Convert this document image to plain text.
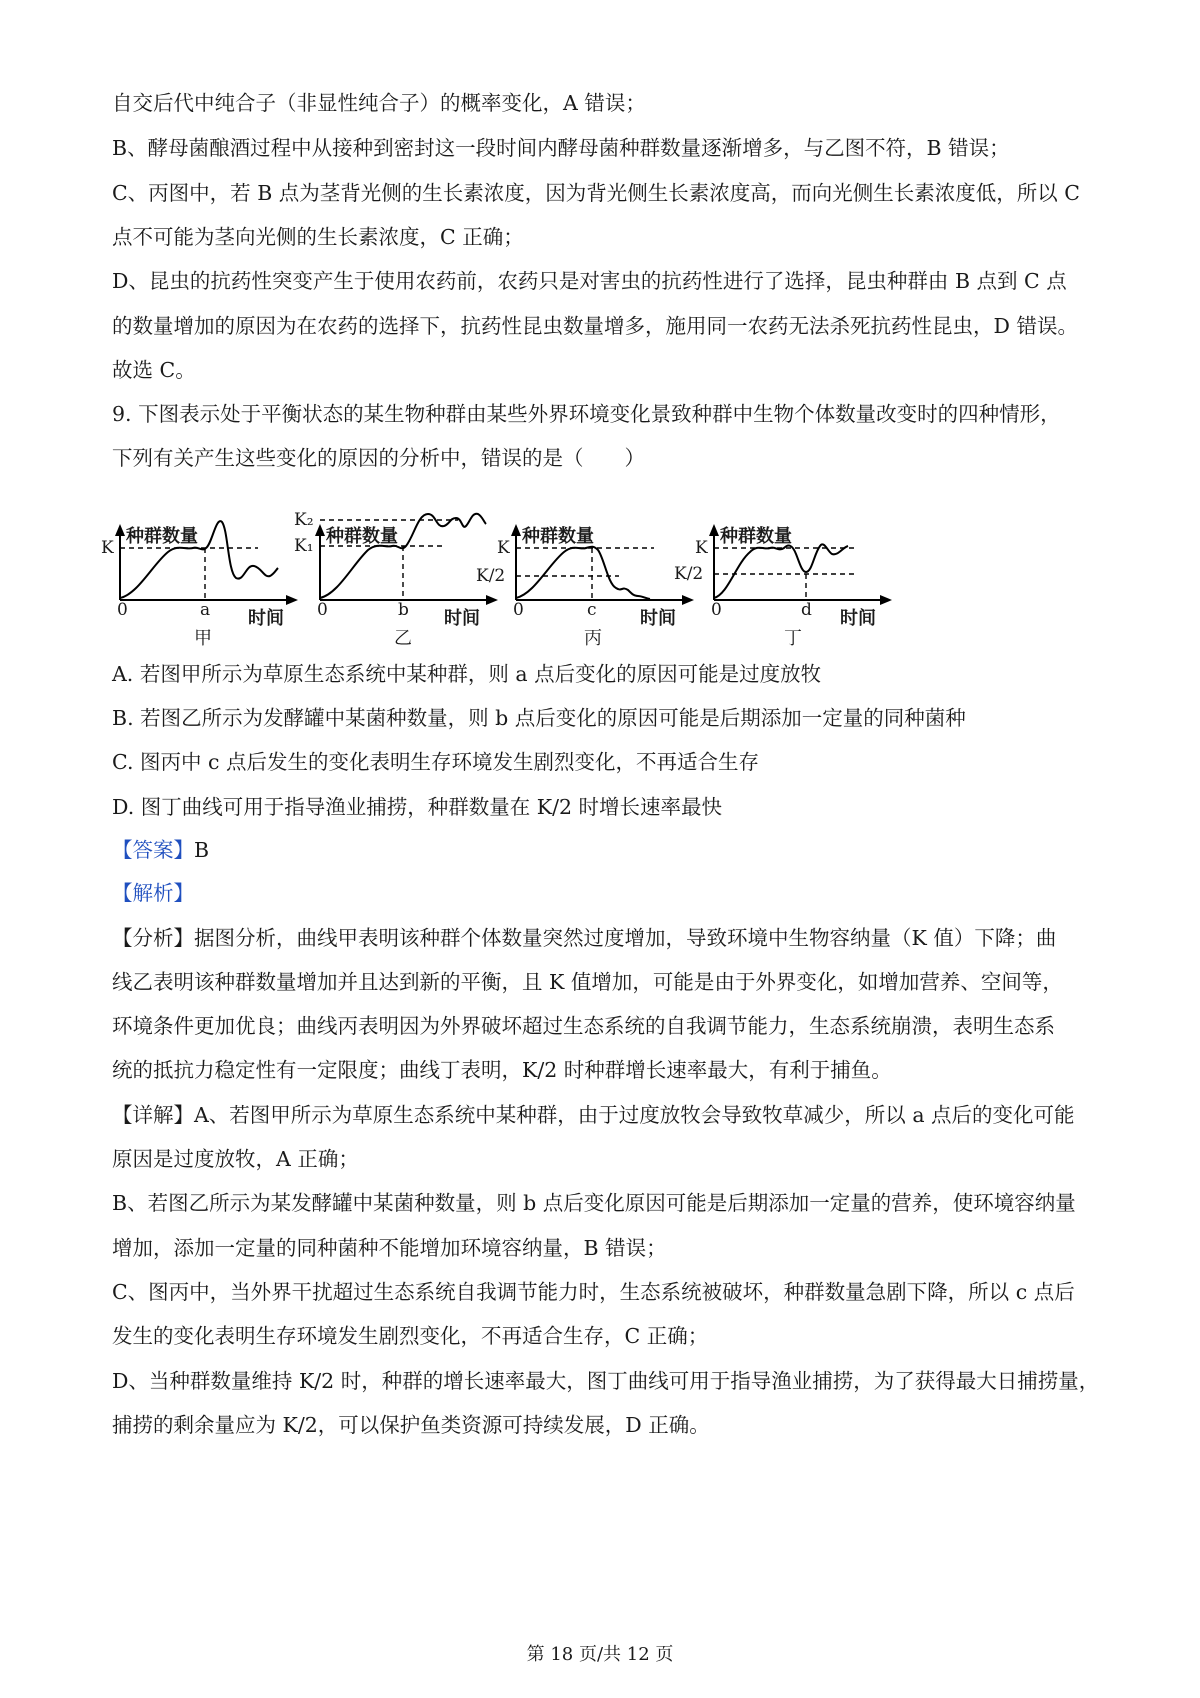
自交后代中纯合子（非显性纯合子）的概率变化，A 错误；
B、酵母菌酿酒过程中从接种到密封这一段时间内酵母菌种群数量逐渐增多，与乙图不符，B 错误；
C、丙图中，若 B 点为茎背光侧的生长素浓度，因为背光侧生长素浓度高，而向光侧生长素浓度低，所以 C
点不可能为茎向光侧的生长素浓度，C 正确；
D、昆虫的抗药性突变产生于使用农药前，农药只是对害虫的抗药性进行了选择，昆虫种群由 B 点到 C 点
的数量增加的原因为在农药的选择下，抗药性昆虫数量增多，施用同一农药无法杀死抗药性昆虫，D 错误。
故选 C。
9. 下图表示处于平衡状态的某生物种群由某些外界环境变化景致种群中生物个体数量改变时的四种情形，
下列有关产生这些变化的原因的分析中，错误的是（　　）
种群数量
K
0	a 时间
甲
种群数量
K₂
K₁
0	b 时间
乙
种群数量
K
K/2
0	c 时间
丙
种群数量
K
K/2
0	d 时间
丁
A. 若图甲所示为草原生态系统中某种群，则 a 点后变化的原因可能是过度放牧
B. 若图乙所示为发酵罐中某菌种数量，则 b 点后变化的原因可能是后期添加一定量的同种菌种
C. 图丙中 c 点后发生的变化表明生存环境发生剧烈变化，不再适合生存
D. 图丁曲线可用于指导渔业捕捞，种群数量在 K/2 时增长速率最快
【答案】B
【解析】
【分析】据图分析，曲线甲表明该种群个体数量突然过度增加，导致环境中生物容纳量（K 值）下降；曲
线乙表明该种群数量增加并且达到新的平衡，且 K 值增加，可能是由于外界变化，如增加营养、空间等，
环境条件更加优良；曲线丙表明因为外界破坏超过生态系统的自我调节能力，生态系统崩溃，表明生态系
统的抵抗力稳定性有一定限度；曲线丁表明，K/2 时种群增长速率最大，有利于捕鱼。
【详解】A、若图甲所示为草原生态系统中某种群，由于过度放牧会导致牧草减少，所以 a 点后的变化可能
原因是过度放牧，A 正确；
B、若图乙所示为某发酵罐中某菌种数量，则 b 点后变化原因可能是后期添加一定量的营养，使环境容纳量
增加，添加一定量的同种菌种不能增加环境容纳量，B 错误；
C、图丙中，当外界干扰超过生态系统自我调节能力时，生态系统被破坏，种群数量急剧下降，所以 c 点后
发生的变化表明生存环境发生剧烈变化，不再适合生存，C 正确；
D、当种群数量维持 K/2 时，种群的增长速率最大，图丁曲线可用于指导渔业捕捞，为了获得最大日捕捞量，
捕捞的剩余量应为 K/2，可以保护鱼类资源可持续发展，D 正确。
第 18 页/共 12 页
